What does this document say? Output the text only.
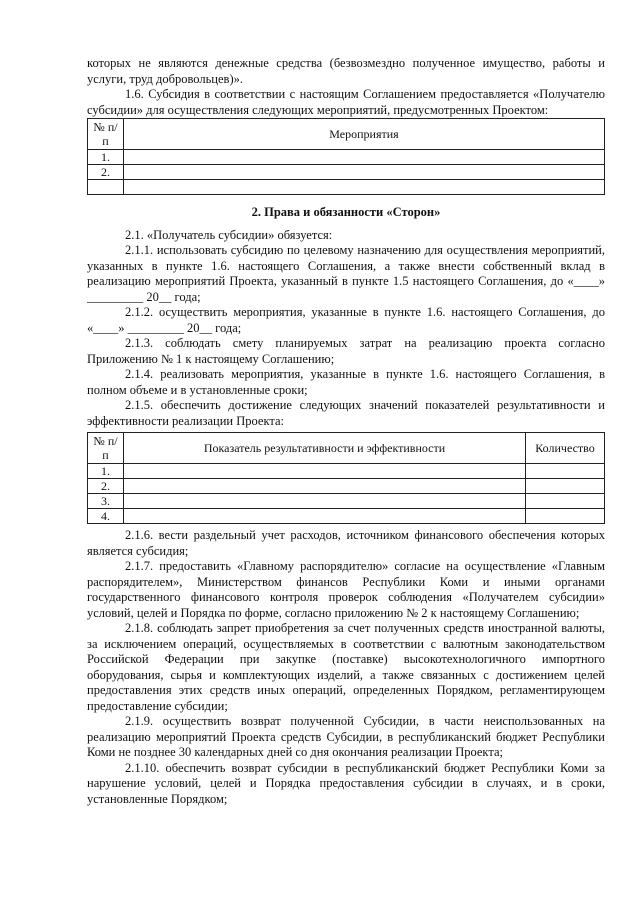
которых не являются денежные средства (безвозмездно полученное имущество, работы и услуги, труд добровольцев)».

1.6. Субсидия в соответствии с настоящим Соглашением предоставляется «Получателю субсидии» для осуществления следующих мероприятий, предусмотренных Проектом:

№ п/п	Мероприятия
1.	
2.	

2. Права и обязанности «Сторон»

2.1. «Получатель субсидии» обязуется:

2.1.1. использовать субсидию по целевому назначению для осуществления мероприятий, указанных в пункте 1.6. настоящего Соглашения, а также внести собственный вклад в реализацию мероприятий Проекта, указанный в пункте 1.5 настоящего Соглашения, до «____» _________ 20__ года;

2.1.2. осуществить мероприятия, указанные в пункте 1.6. настоящего Соглашения, до «____» _________ 20__ года;

2.1.3. соблюдать смету планируемых затрат на реализацию проекта согласно Приложению № 1 к настоящему Соглашению;

2.1.4. реализовать мероприятия, указанные в пункте 1.6. настоящего Соглашения, в полном объеме и в установленные сроки;

2.1.5. обеспечить достижение следующих значений показателей результативности и эффективности реализации Проекта:

№ п/п	Показатель результативности и эффективности	Количество
1.		
2.		
3.		
4.		

2.1.6. вести раздельный учет расходов, источником финансового обеспечения которых является субсидия;

2.1.7. предоставить «Главному распорядителю» согласие на осуществление «Главным распорядителем», Министерством финансов Республики Коми и иными органами государственного финансового контроля проверок соблюдения «Получателем субсидии» условий, целей и Порядка по форме, согласно приложению № 2 к настоящему Соглашению;

2.1.8. соблюдать запрет приобретения за счет полученных средств иностранной валюты, за исключением операций, осуществляемых в соответствии с валютным законодательством Российской Федерации при закупке (поставке) высокотехнологичного импортного оборудования, сырья и комплектующих изделий, а также связанных с достижением целей предоставления этих средств иных операций, определенных Порядком, регламентирующем предоставление субсидии;

2.1.9. осуществить возврат полученной Субсидии, в части неиспользованных на реализацию мероприятий Проекта средств Субсидии, в республиканский бюджет Республики Коми не позднее 30 календарных дней со дня окончания реализации Проекта;

2.1.10. обеспечить возврат субсидии в республиканский бюджет Республики Коми за нарушение условий, целей и Порядка предоставления субсидии в случаях, и в сроки, установленные Порядком;
